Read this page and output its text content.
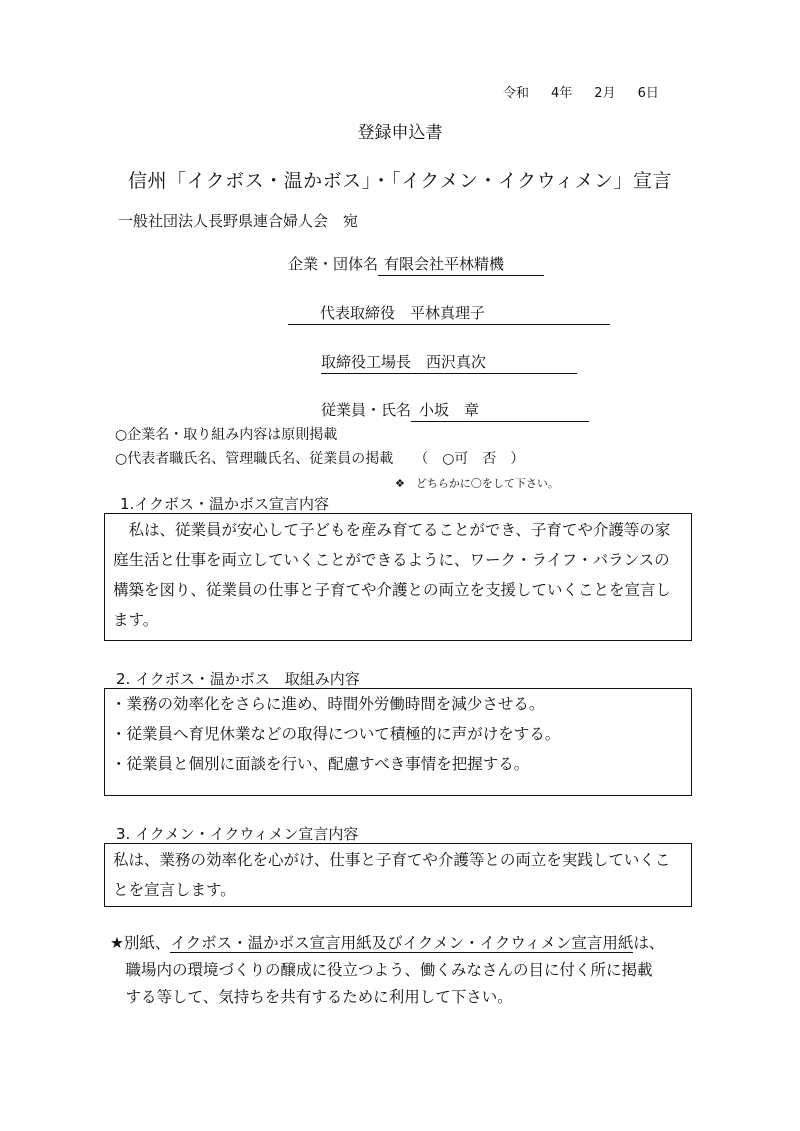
令和 4年 2月 6日
登録申込書
信州「イクボス・温かボス」・「イクメン・イクウィメン」宣言
一般社団法人長野県連合婦人会　宛
企業・団体名 有限会社平林精機
代表取締役　平林真理子
取締役工場長　西沢真次
従業員・氏名 小坂　章
○企業名・取り組み内容は原則掲載
○代表者職氏名、管理職氏名、従業員の掲載　　（　○可　否　）
❖　どちらかに〇をして下さい。
1.イクボス・温かボス宣言内容

私は、従業員が安心して子どもを産み育てることができ、子育てや介護等の家庭生活と仕事を両立していくことができるように、ワーク・ライフ・バランスの構築を図り、従業員の仕事と子育てや介護との両立を支援していくことを宣言します。

2. イクボス・温かボス　取組み内容

・業務の効率化をさらに進め、時間外労働時間を減少させる。

・従業員へ育児休業などの取得について積極的に声がけをする。

・従業員と個別に面談を行い、配慮すべき事情を把握する。

3. イクメン・イクウィメン宣言内容

私は、業務の効率化を心がけ、仕事と子育てや介護等との両立を実践していくことを宣言します。

★別紙、イクボス・温かボス宣言用紙及びイクメン・イクウィメン宣言用紙は、

職場内の環境づくりの醸成に役立つよう、働くみなさんの目に付く所に掲載

する等して、気持ちを共有するために利用して下さい。
